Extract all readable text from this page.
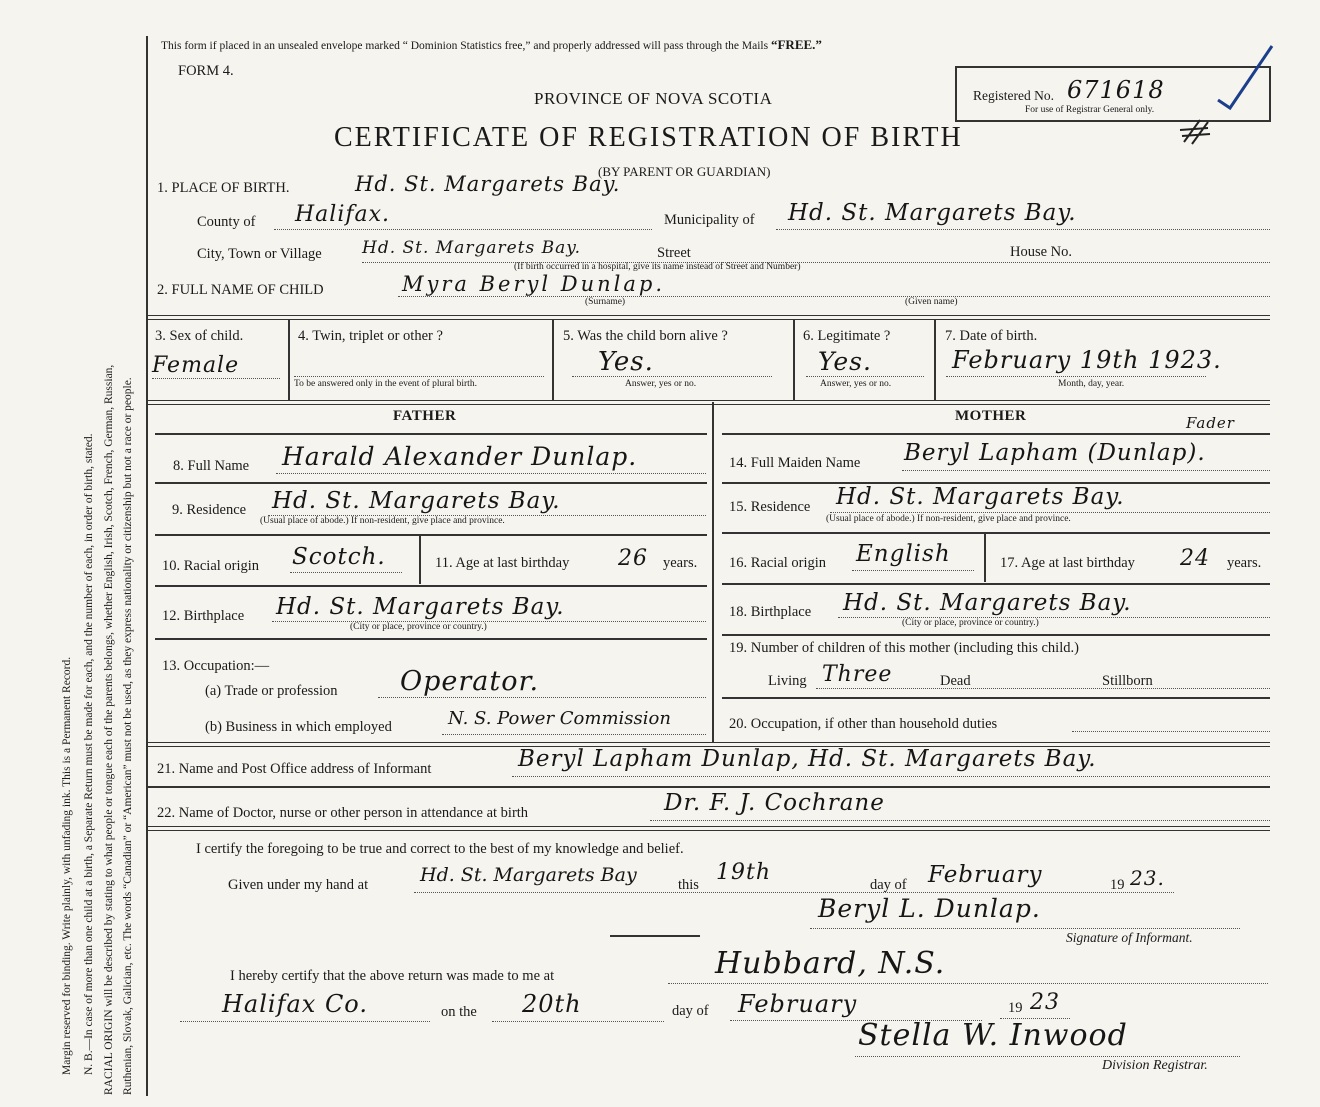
Margin reserved for binding. Write plainly, with unfading ink. This is a Permanent Record. N. B.—In case of more than one child at a birth, a Separate Return must be made for each, and the number of each, in order of birth, stated. RACIAL ORIGIN will be described by stating to what people or tongue each of the parents belongs, whether English, Irish, Scotch, French, German, Russian, Ruthenian, Slovak, Galician, etc. The words “Canadian” or “American” must not be used, as they express nationality or citizenship but not a race or people.
This form if placed in an unsealed envelope marked “ Dominion Statistics free,” and properly addressed will pass through the Mails “FREE.”
FORM 4.
PROVINCE OF NOVA SCOTIA
CERTIFICATE OF REGISTRATION OF BIRTH
(BY PARENT OR GUARDIAN)
Registered No. 671618
For use of Registrar General only.
1. PLACE OF BIRTH.	Hd. St. Margarets Bay.
County of Halifax.	Municipality of Hd. St. Margarets Bay.
City, Town or Village Hd. St. Margarets Bay.	Street	House No.
(If birth occurred in a hospital, give its name instead of Street and Number)
2. FULL NAME OF CHILD	Myra Beryl Dunlap.
(Surname)	(Given name)
3. Sex of child.
Female
4. Twin, triplet or other ?
To be answered only in the event of plural birth.
5. Was the child born alive ?
Yes.
Answer, yes or no.
6. Legitimate ?
Yes.
Answer, yes or no.
7. Date of birth.
February 19th 1923.
Month, day, year.
FATHER	MOTHER	Fader
8. Full Name Harald Alexander Dunlap.
9. Residence Hd. St. Margarets Bay.
(Usual place of abode.) If non-resident, give place and province.
10. Racial origin Scotch.	11. Age at last birthday 26 years.
12. Birthplace Hd. St. Margarets Bay.
(City or place, province or country.)
13. Occupation:—
(a) Trade or profession Operator.
(b) Business in which employed	N. S. Power Commission
14. Full Maiden Name Beryl Lapham (Dunlap).
15. Residence Hd. St. Margarets Bay.
(Usual place of abode.) If non-resident, give place and province.
16. Racial origin English	17. Age at last birthday 24 years.
18. Birthplace Hd. St. Margarets Bay.
(City or place, province or country.)
19. Number of children of this mother (including this child.)
Living Three	Dead	Stillborn
20. Occupation, if other than household duties
21. Name and Post Office address of Informant	Beryl Lapham Dunlap, Hd. St. Margarets Bay.
22. Name of Doctor, nurse or other person in attendance at birth	Dr. F. J. Cochrane
I certify the foregoing to be true and correct to the best of my knowledge and belief.
Given under my hand at	Hd. St. Margarets Bay	this 19th	day of February	19 23.
Beryl L. Dunlap.
Signature of Informant.
I hereby certify that the above return was made to me at	Hubbard, N.S.
Halifax Co.	on the 20th	day of February	19 23
Stella W. Inwood
Division Registrar.
